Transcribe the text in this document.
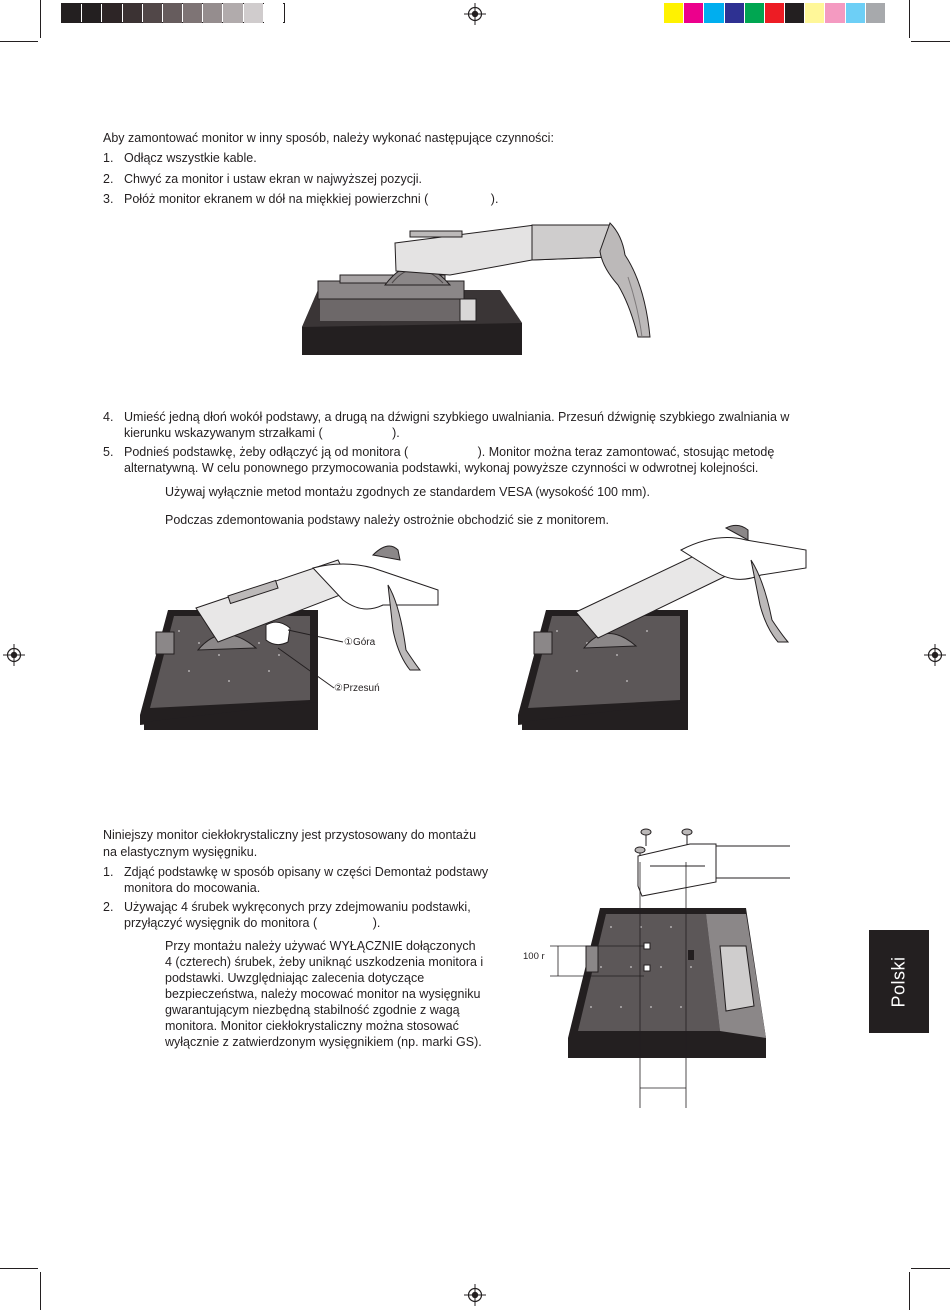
Aby zamontować monitor w inny sposób, należy wykonać następujące czynności:
1. Odłącz wszystkie kable.
2. Chwyć za monitor i ustaw ekran w najwyższej pozycji.
3. Połóż monitor ekranem w dół na miękkiej powierzchni (                  ).
4. Umieść jedną dłoń wokół podstawy, a drugą na dźwigni szybkiego uwalniania. Przesuń dźwignię szybkiego zwalniania w
kierunku wskazywanym strzałkami (                    ).
5. Podnieś podstawkę, żeby odłączyć ją od monitora (                    ). Monitor można teraz zamontować, stosując metodę
alternatywną. W celu ponownego przymocowania podstawki, wykonaj powyższe czynności w odwrotnej kolejności.
Używaj wyłącznie metod montażu zgodnych ze standardem VESA (wysokość 100 mm).
Podczas zdemontowania podstawy należy ostrożnie obchodzić sie z monitorem.
①Góra
②Przesuń
Niniejszy monitor ciekłokrystaliczny jest przystosowany do montażu
na elastycznym wysięgniku.
1. Zdjąć podstawkę w sposób opisany w części Demontaż podstawy
monitora do mocowania.
2. Używając 4 śrubek wykręconych przy zdejmowaniu podstawki,
przyłączyć wysięgnik do monitora (                ).
Przy montażu należy używać WYŁĄCZNIE dołączonych
4 (czterech) śrubek, żeby uniknąć uszkodzenia monitora i
podstawki. Uwzględniając zalecenia dotyczące
bezpieczeństwa, należy mocować monitor na wysięgniku
gwarantującym niezbędną stabilność zgodnie z wagą
monitora. Monitor ciekłokrystaliczny można stosować
wyłącznie z zatwierdzonym wysięgnikiem (np. marki GS).
100 r	Polski
